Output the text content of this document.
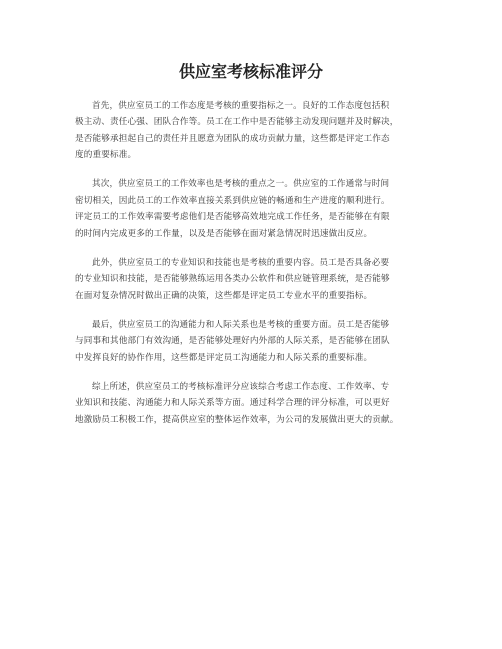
供应室考核标准评分

首先，供应室员工的工作态度是考核的重要指标之一。良好的工作态度包括积
极主动、责任心强、团队合作等。员工在工作中是否能够主动发现问题并及时解决，
是否能够承担起自己的责任并且愿意为团队的成功贡献力量，这些都是评定工作态
度的重要标准。

其次，供应室员工的工作效率也是考核的重点之一。供应室的工作通常与时间
密切相关，因此员工的工作效率直接关系到供应链的畅通和生产进度的顺利进行。
评定员工的工作效率需要考虑他们是否能够高效地完成工作任务，是否能够在有限
的时间内完成更多的工作量，以及是否能够在面对紧急情况时迅速做出反应。

此外，供应室员工的专业知识和技能也是考核的重要内容。员工是否具备必要
的专业知识和技能，是否能够熟练运用各类办公软件和供应链管理系统，是否能够
在面对复杂情况时做出正确的决策，这些都是评定员工专业水平的重要指标。

最后，供应室员工的沟通能力和人际关系也是考核的重要方面。员工是否能够
与同事和其他部门有效沟通，是否能够处理好内外部的人际关系，是否能够在团队
中发挥良好的协作作用，这些都是评定员工沟通能力和人际关系的重要标准。

综上所述，供应室员工的考核标准评分应该综合考虑工作态度、工作效率、专
业知识和技能、沟通能力和人际关系等方面。通过科学合理的评分标准，可以更好
地激励员工积极工作，提高供应室的整体运作效率，为公司的发展做出更大的贡献。
